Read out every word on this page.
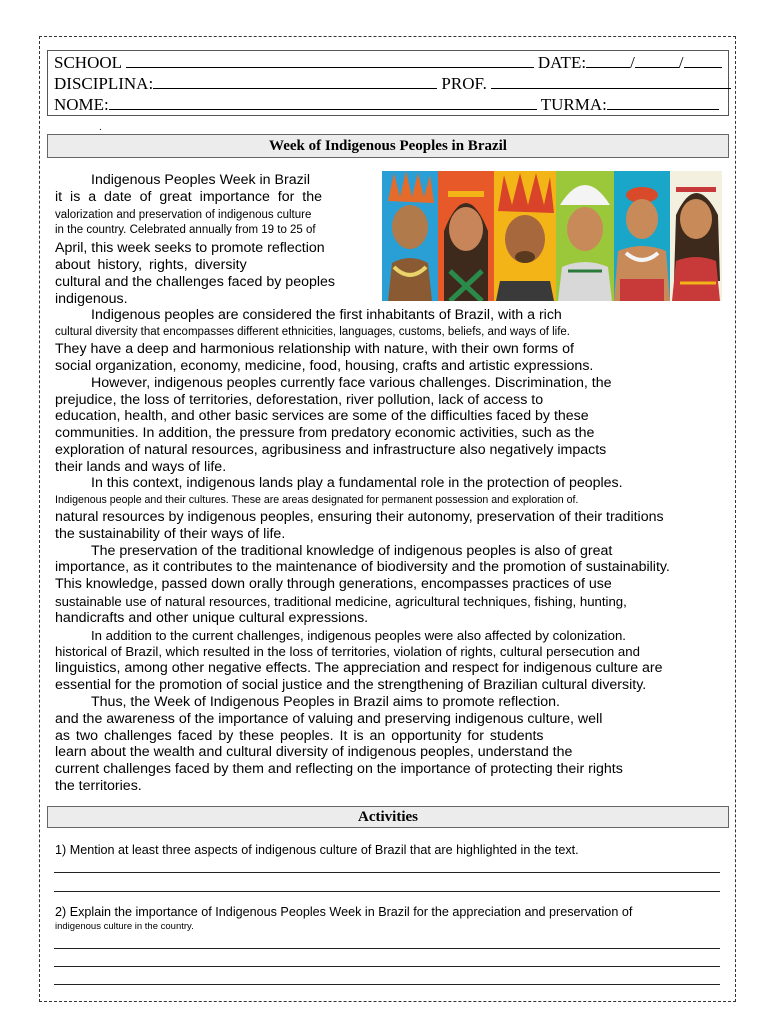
SCHOOL	DATE:	/	/
DISCIPLINA:	PROF.
NOME:	TURMA:
.
Week of Indigenous Peoples in Brazil
Indigenous Peoples Week in Brazil
it is a date of great importance for the
valorization and preservation of indigenous culture
in the country. Celebrated annually from 19 to 25 of
April, this week seeks to promote reflection
about history, rights, diversity
cultural and the challenges faced by peoples
indigenous.
Indigenous peoples are considered the first inhabitants of Brazil, with a rich
cultural diversity that encompasses different ethnicities, languages, customs, beliefs, and ways of life.
They have a deep and harmonious relationship with nature, with their own forms of
social organization, economy, medicine, food, housing, crafts and artistic expressions.
However, indigenous peoples currently face various challenges. Discrimination, the
prejudice, the loss of territories, deforestation, river pollution, lack of access to
education, health, and other basic services are some of the difficulties faced by these
communities. In addition, the pressure from predatory economic activities, such as the
exploration of natural resources, agribusiness and infrastructure also negatively impacts
their lands and ways of life.
In this context, indigenous lands play a fundamental role in the protection of peoples.
Indigenous people and their cultures. These are areas designated for permanent possession and exploration of.
natural resources by indigenous peoples, ensuring their autonomy, preservation of their traditions
the sustainability of their ways of life.
The preservation of the traditional knowledge of indigenous peoples is also of great
importance, as it contributes to the maintenance of biodiversity and the promotion of sustainability.
This knowledge, passed down orally through generations, encompasses practices of use
sustainable use of natural resources, traditional medicine, agricultural techniques, fishing, hunting,
handicrafts and other unique cultural expressions.
In addition to the current challenges, indigenous peoples were also affected by colonization.
historical of Brazil, which resulted in the loss of territories, violation of rights, cultural persecution and
linguistics, among other negative effects. The appreciation and respect for indigenous culture are
essential for the promotion of social justice and the strengthening of Brazilian cultural diversity.
Thus, the Week of Indigenous Peoples in Brazil aims to promote reflection.
and the awareness of the importance of valuing and preserving indigenous culture, well
as two challenges faced by these peoples. It is an opportunity for students
learn about the wealth and cultural diversity of indigenous peoples, understand the
current challenges faced by them and reflecting on the importance of protecting their rights
the territories.
Activities
1) Mention at least three aspects of indigenous culture of Brazil that are highlighted in the text.
2) Explain the importance of Indigenous Peoples Week in Brazil for the appreciation and preservation of
indigenous culture in the country.
